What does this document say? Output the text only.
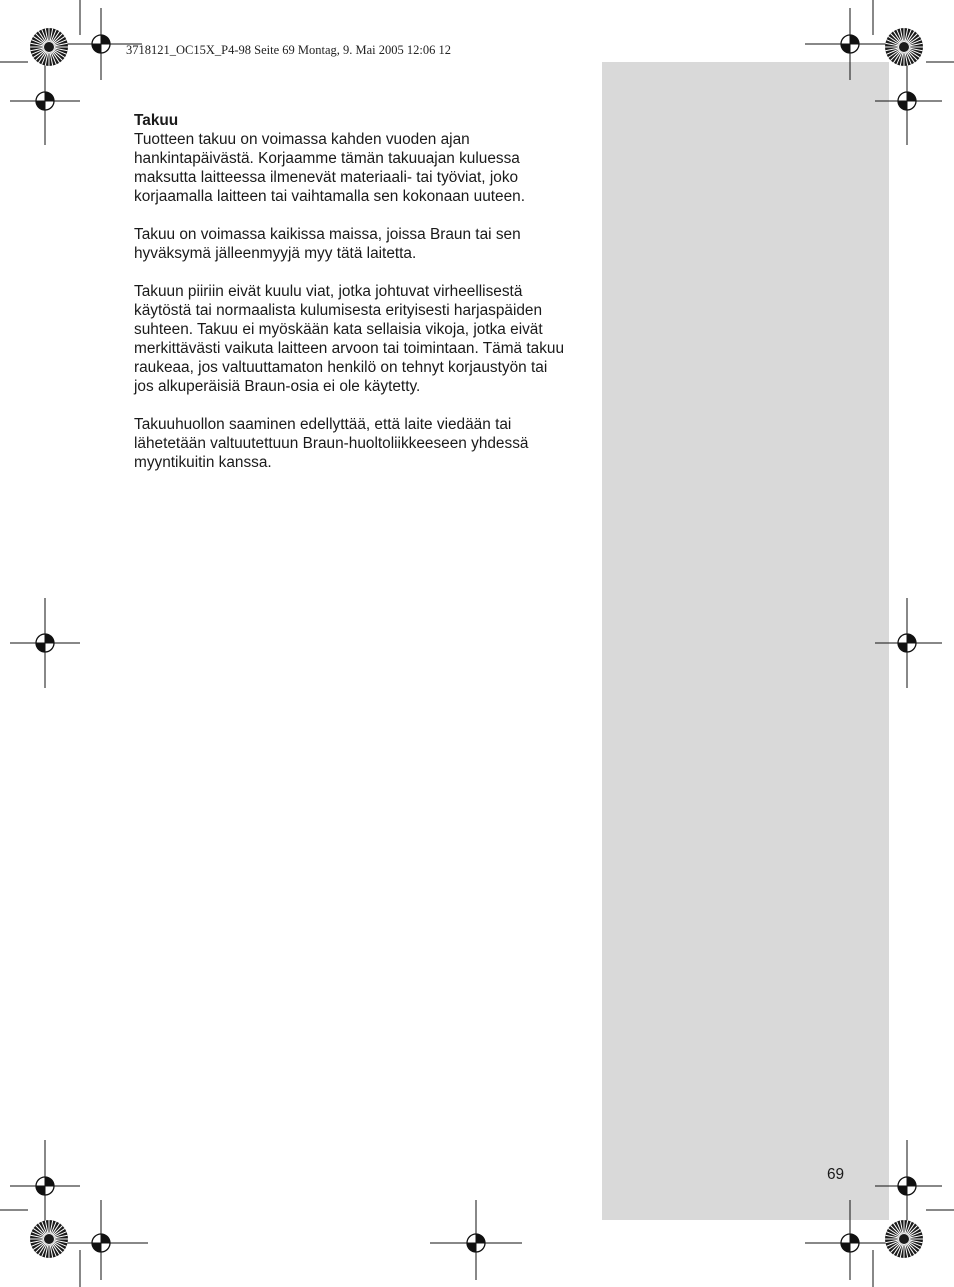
3718121_OC15X_P4-98 Seite 69 Montag, 9. Mai 2005 12:06 12
Takuu

Tuotteen takuu on voimassa kahden vuoden ajan hankintapäivästä. Korjaamme tämän takuuajan kuluessa maksutta laitteessa ilmenevät materiaali- tai työviat, joko korjaamalla laitteen tai vaihtamalla sen kokonaan uuteen.

Takuu on voimassa kaikissa maissa, joissa Braun tai sen hyväksymä jälleenmyyjä myy tätä laitetta.

Takuun piiriin eivät kuulu viat, jotka johtuvat virheellisestä käytöstä tai normaalista kulumisesta erityisesti harjaspäiden suhteen. Takuu ei myöskään kata sellaisia vikoja, jotka eivät merkittävästi vaikuta laitteen arvoon tai toimintaan. Tämä takuu raukeaa, jos valtuuttamaton henkilö on tehnyt korjaustyön tai jos alkuperäisiä Braun-osia ei ole käytetty.

Takuuhuollon saaminen edellyttää, että laite viedään tai lähetetään valtuutettuun Braun-huoltoliikkeeseen yhdessä myyntikuitin kanssa.

69
